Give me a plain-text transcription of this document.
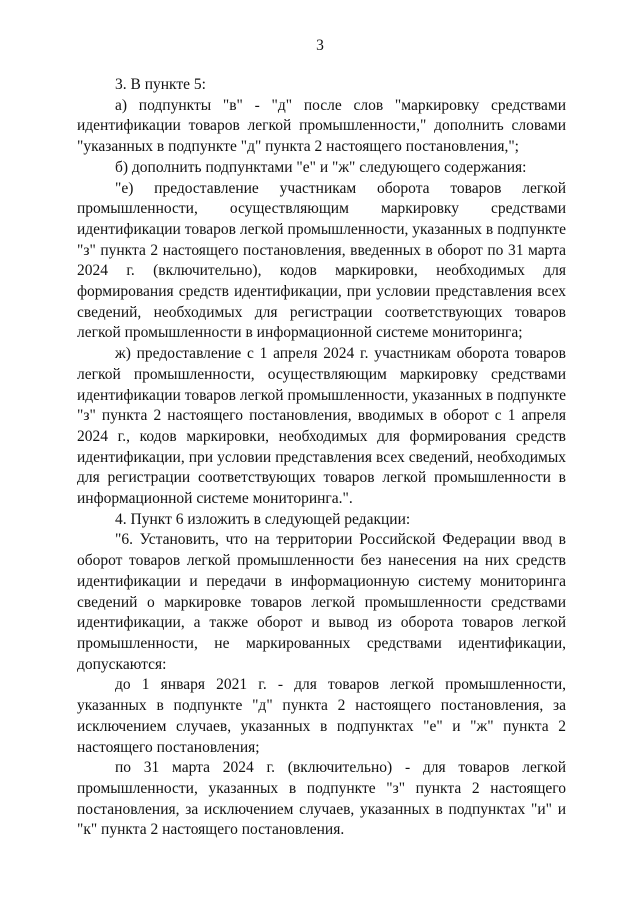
3

3. В пункте 5:

а) подпункты "в" - "д" после слов "маркировку средствами идентификации товаров легкой промышленности," дополнить словами "указанных в подпункте "д" пункта 2 настоящего постановления,";

б) дополнить подпунктами "е" и "ж" следующего содержания:

"е) предоставление участникам оборота товаров легкой промышленности, осуществляющим маркировку средствами идентификации товаров легкой промышленности, указанных в подпункте "з" пункта 2 настоящего постановления, введенных в оборот по 31 марта 2024 г. (включительно), кодов маркировки, необходимых для формирования средств идентификации, при условии представления всех сведений, необходимых для регистрации соответствующих товаров легкой промышленности в информационной системе мониторинга;

ж) предоставление с 1 апреля 2024 г. участникам оборота товаров легкой промышленности, осуществляющим маркировку средствами идентификации товаров легкой промышленности, указанных в подпункте "з" пункта 2 настоящего постановления, вводимых в оборот с 1 апреля 2024 г., кодов маркировки, необходимых для формирования средств идентификации, при условии представления всех сведений, необходимых для регистрации соответствующих товаров легкой промышленности в информационной системе мониторинга.".

4. Пункт 6 изложить в следующей редакции:

"6. Установить, что на территории Российской Федерации ввод в оборот товаров легкой промышленности без нанесения на них средств идентификации и передачи в информационную систему мониторинга сведений о маркировке товаров легкой промышленности средствами идентификации, а также оборот и вывод из оборота товаров легкой промышленности, не маркированных средствами идентификации, допускаются:

до 1 января 2021 г. - для товаров легкой промышленности, указанных в подпункте "д" пункта 2 настоящего постановления, за исключением случаев, указанных в подпунктах "е" и "ж" пункта 2 настоящего постановления;

по 31 марта 2024 г. (включительно) - для товаров легкой промышленности, указанных в подпункте "з" пункта 2 настоящего постановления, за исключением случаев, указанных в подпунктах "и" и "к" пункта 2 настоящего постановления.
